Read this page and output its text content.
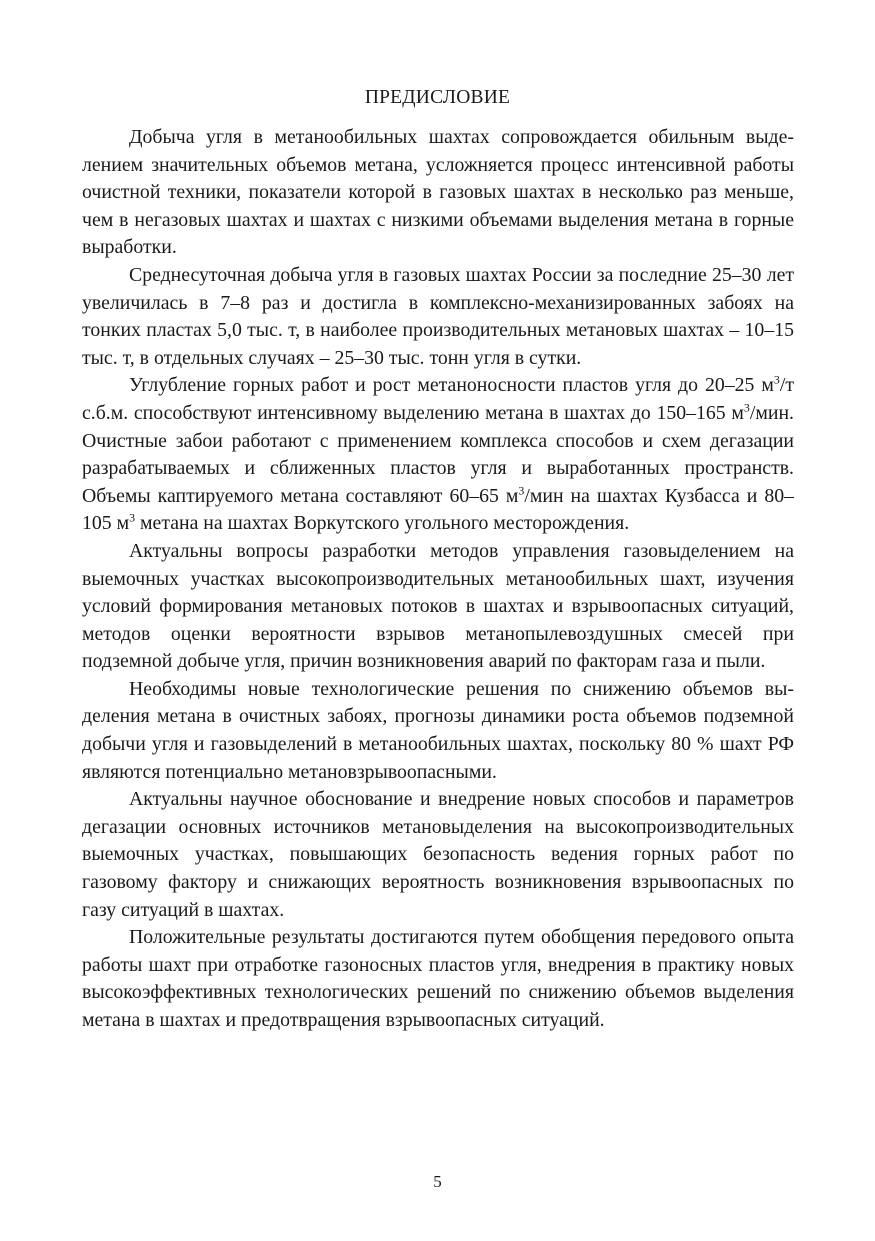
ПРЕДИСЛОВИЕ

Добыча угля в метанообильных шахтах сопровождается обильным выделением значительных объемов метана, усложняется процесс интенсивной работы очистной техники, показатели которой в газовых шахтах в несколько раз меньше, чем в негазовых шахтах и шахтах с низкими объемами выделения метана в горные выработки.

Среднесуточная добыча угля в газовых шахтах России за последние 25–30 лет увеличилась в 7–8 раз и достигла в комплексно-механизированных забоях на тонких пластах 5,0 тыс. т, в наиболее производительных метановых шахтах – 10–15 тыс. т, в отдельных случаях – 25–30 тыс. тонн угля в сутки.

Углубление горных работ и рост метаноносности пластов угля до 20–25 $м^3/т$ с.б.м. способствуют интенсивному выделению метана в шахтах до 150–165 $м^3$/мин. Очистные забои работают с применением комплекса способов и схем дегазации разрабатываемых и сближенных пластов угля и выработанных пространств. Объемы каптируемого метана составляют 60–65 $м^3$/мин на шахтах Кузбасса и 80–105 $м^3$ метана на шахтах Воркутского угольного месторождения.

Актуальны вопросы разработки методов управления газовыделением на выемочных участках высокопроизводительных метанообильных шахт, изучения условий формирования метановых потоков в шахтах и взрывоопасных ситуаций, методов оценки вероятности взрывов метанопылевоздушных смесей при подземной добыче угля, причин возникновения аварий по факторам газа и пыли.

Необходимы новые технологические решения по снижению объемов выделения метана в очистных забоях, прогнозы динамики роста объемов подземной добычи угля и газовыделений в метанообильных шахтах, поскольку 80 % шахт РФ являются потенциально метановзрывоопасными.

Актуальны научное обоснование и внедрение новых способов и параметров дегазации основных источников метановыделения на высокопроизводительных выемочных участках, повышающих безопасность ведения горных работ по газовому фактору и снижающих вероятность возникновения взрывоопасных по газу ситуаций в шахтах.

Положительные результаты достигаются путем обобщения передового опыта работы шахт при отработке газоносных пластов угля, внедрения в практику новых высокоэффективных технологических решений по снижению объемов выделения метана в шахтах и предотвращения взрывоопасных ситуаций.

5
